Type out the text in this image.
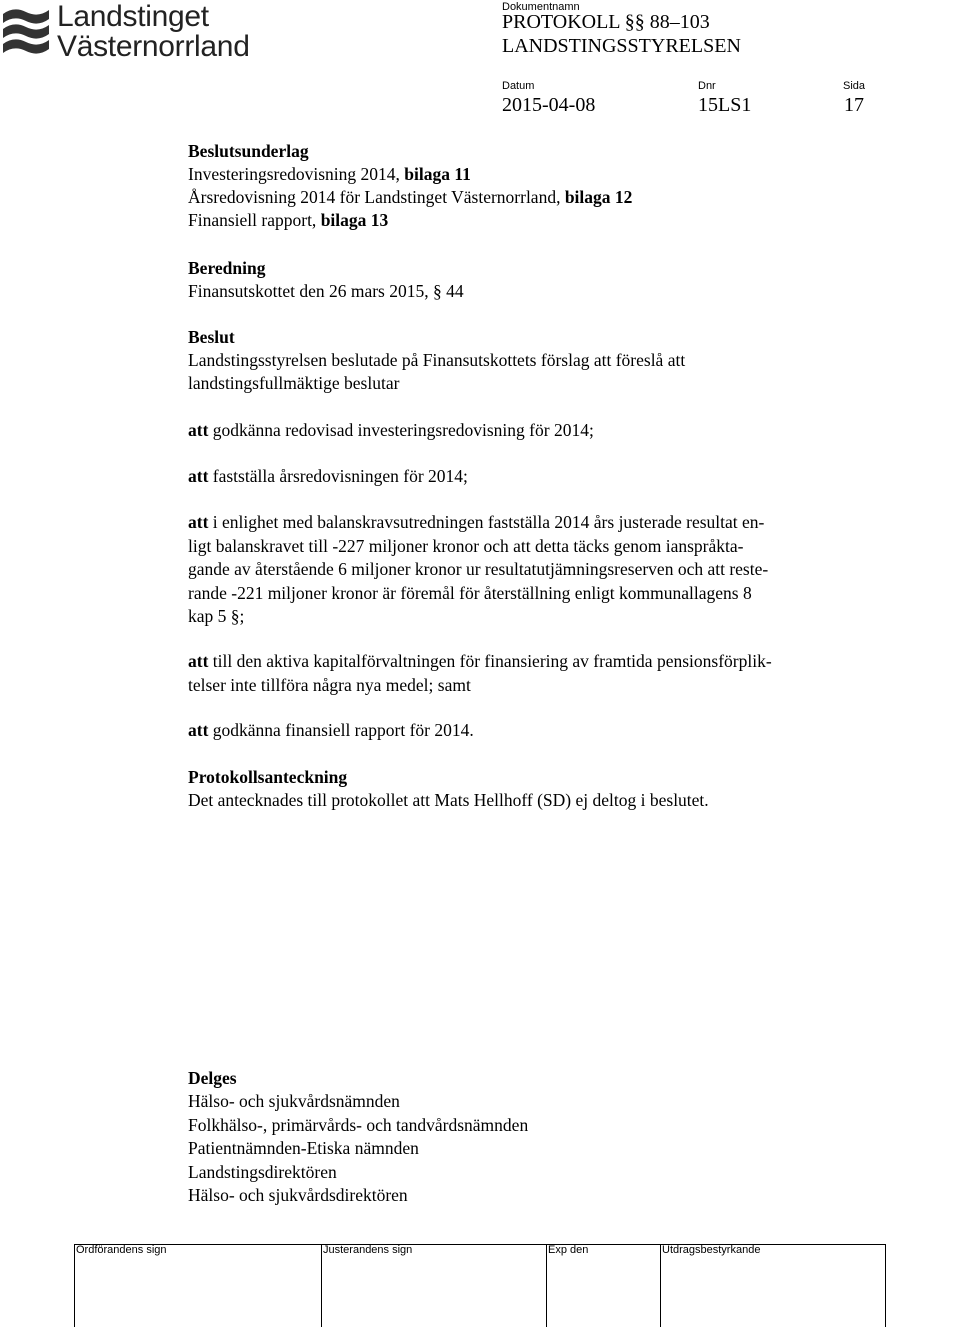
Landstinget
Västernorrland
Dokumentnamn
PROTOKOLL §§ 88–103
LANDSTINGSSTYRELSEN
Datum	Dnr	Sida
2015-04-08	15LS1	17
Beslutsunderlag
Investeringsredovisning 2014, bilaga 11
Årsredovisning 2014 för Landstinget Västernorrland, bilaga 12
Finansiell rapport, bilaga 13
Beredning
Finansutskottet den 26 mars 2015, § 44
Beslut
Landstingsstyrelsen beslutade på Finansutskottets förslag att föreslå att
landstingsfullmäktige beslutar
att godkänna redovisad investeringsredovisning för 2014;
att fastställa årsredovisningen för 2014;
att i enlighet med balanskravsutredningen fastställa 2014 års justerade resultat en-
ligt balanskravet till -227 miljoner kronor och att detta täcks genom ianspråkta-
gande av återstående 6 miljoner kronor ur resultatutjämningsreserven och att reste-
rande -221 miljoner kronor är föremål för återställning enligt kommunallagens 8
kap 5 §;
att till den aktiva kapitalförvaltningen för finansiering av framtida pensionsförplik-
telser inte tillföra några nya medel; samt
att godkänna finansiell rapport för 2014.
Protokollsanteckning
Det antecknades till protokollet att Mats Hellhoff (SD) ej deltog i beslutet.
Delges
Hälso- och sjukvårdsnämnden
Folkhälso-, primärvårds- och tandvårdsnämnden
Patientnämnden-Etiska nämnden
Landstingsdirektören
Hälso- och sjukvårdsdirektören
Ordförandens sign	Justerandens sign	Exp den	Utdragsbestyrkande
